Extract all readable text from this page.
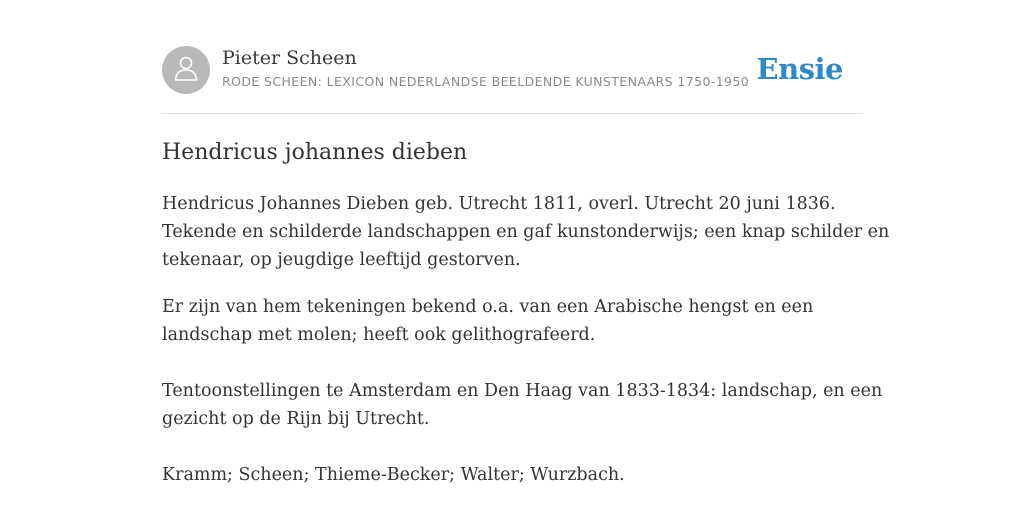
Pieter Scheen
RODE SCHEEN: LEXICON NEDERLANDSE BEELDENDE KUNSTENAARS 1750-1950 Ensie
Hendricus johannes dieben

Hendricus Johannes Dieben geb. Utrecht 1811, overl. Utrecht 20 juni 1836.

Tekende en schilderde landschappen en gaf kunstonderwijs; een knap schilder en

tekenaar, op jeugdige leeftijd gestorven.

Er zijn van hem tekeningen bekend o.a. van een Arabische hengst en een

landschap met molen; heeft ook gelithografeerd.

Tentoonstellingen te Amsterdam en Den Haag van 1833-1834: landschap, en een

gezicht op de Rijn bij Utrecht.

Kramm; Scheen; Thieme-Becker; Walter; Wurzbach.
